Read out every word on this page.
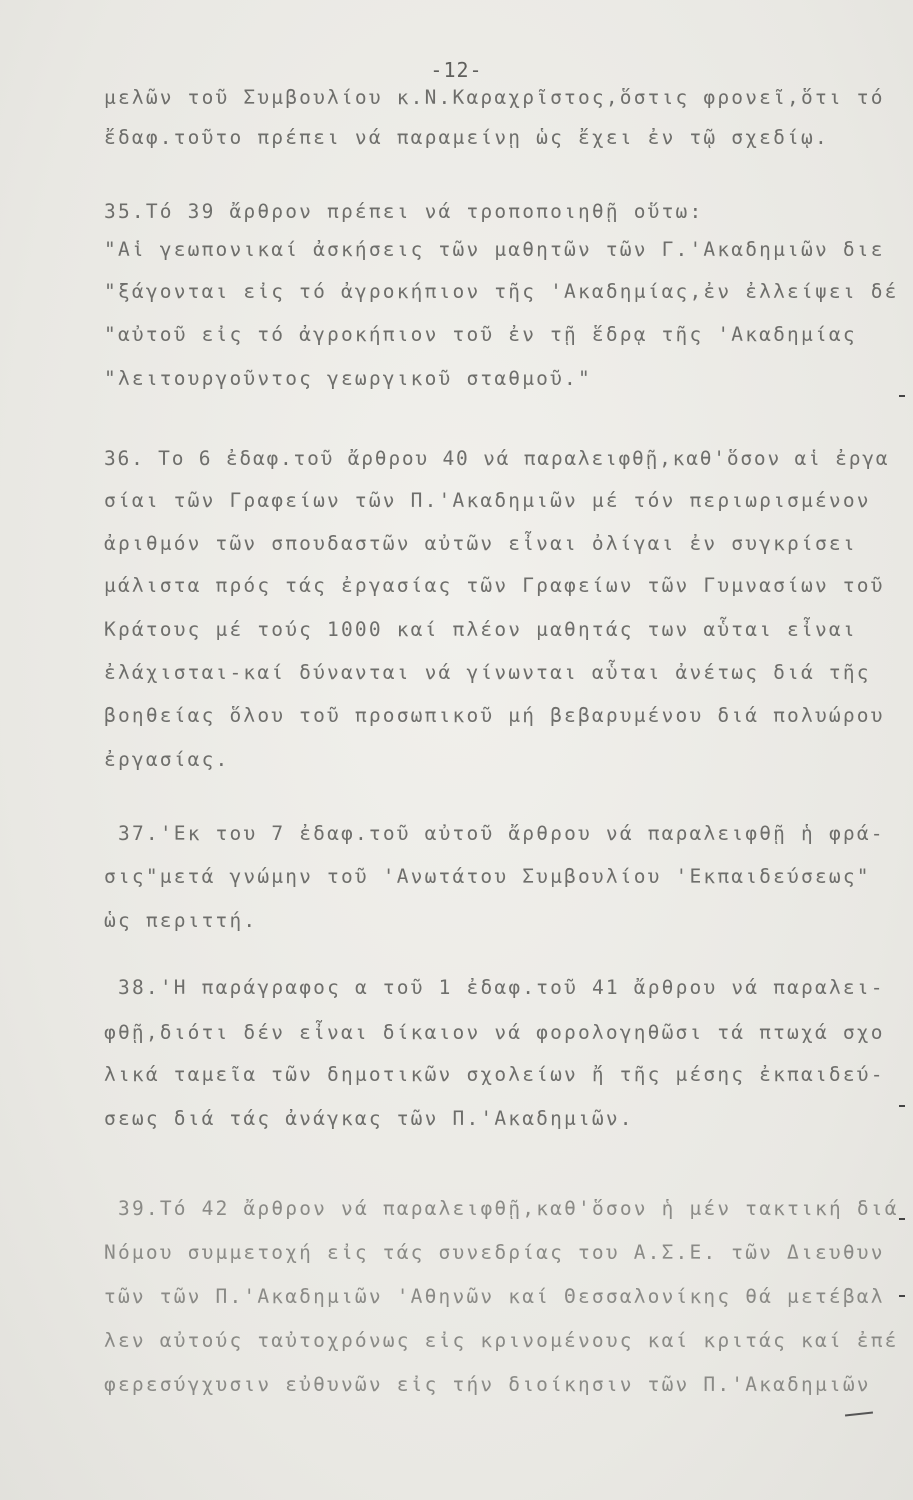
-12-
μελῶν τοῦ Συμβουλίου κ.Ν.Καραχρῖστος,ὅστις φρονεῖ,ὅτι τό
ἔδαφ.τοῦτο πρέπει νά παραμείνῃ ὡς ἔχει ἐν τῷ σχεδίῳ.
35.Τό 39 ἄρθρον πρέπει νά τροποποιηθῇ οὕτω:
"Αἱ γεωπονικαί ἀσκήσεις τῶν μαθητῶν τῶν Γ.'Ακαδημιῶν διε
"ξάγονται εἰς τό ἀγροκήπιον τῆς 'Ακαδημίας,ἐν ἐλλείψει δέ
"αὐτοῦ εἰς τό ἀγροκήπιον τοῦ ἐν τῇ ἕδρᾳ τῆς 'Ακαδημίας
"λειτουργοῦντος γεωργικοῦ σταθμοῦ."
36. Το 6 ἐδαφ.τοῦ ἄρθρου 40 νά παραλειφθῇ,καθ'ὅσον αἱ ἐργα
σίαι τῶν Γραφείων τῶν Π.'Ακαδημιῶν μέ τόν περιωρισμένον
ἀριθμόν τῶν σπουδαστῶν αὐτῶν εἶναι ὀλίγαι ἐν συγκρίσει
μάλιστα πρός τάς ἐργασίας τῶν Γραφείων τῶν Γυμνασίων τοῦ
Κράτους μέ τούς 1000 καί πλέον μαθητάς των αὗται εἶναι
ἐλάχισται-καί δύνανται νά γίνωνται αὗται ἀνέτως διά τῆς
βοηθείας ὅλου τοῦ προσωπικοῦ μή βεβαρυμένου διά πολυώρου
ἐργασίας.
37.'Εκ του 7 ἐδαφ.τοῦ αὐτοῦ ἄρθρου νά παραλειφθῇ ἡ φρά-
σις"μετά γνώμην τοῦ 'Ανωτάτου Συμβουλίου 'Εκπαιδεύσεως"
ὡς περιττή.
38.'Η παράγραφος α τοῦ 1 ἐδαφ.τοῦ 41 ἄρθρου νά παραλει-
φθῇ,διότι δέν εἶναι δίκαιον νά φορολογηθῶσι τά πτωχά σχο
λικά ταμεῖα τῶν δημοτικῶν σχολείων ἤ τῆς μέσης ἐκπαιδεύ-
σεως διά τάς ἀνάγκας τῶν Π.'Ακαδημιῶν.
39.Τό 42 ἄρθρον νά παραλειφθῇ,καθ'ὅσον ἡ μέν τακτική διά
Νόμου συμμετοχή εἰς τάς συνεδρίας του Α.Σ.Ε. τῶν Διευθυν
τῶν τῶν Π.'Ακαδημιῶν 'Αθηνῶν καί Θεσσαλονίκης θά μετέβαλ
λεν αὐτούς ταὐτοχρόνως εἰς κρινομένους καί κριτάς καί ἐπέ
φερεσύγχυσιν εὐθυνῶν εἰς τήν διοίκησιν τῶν Π.'Ακαδημιῶν
